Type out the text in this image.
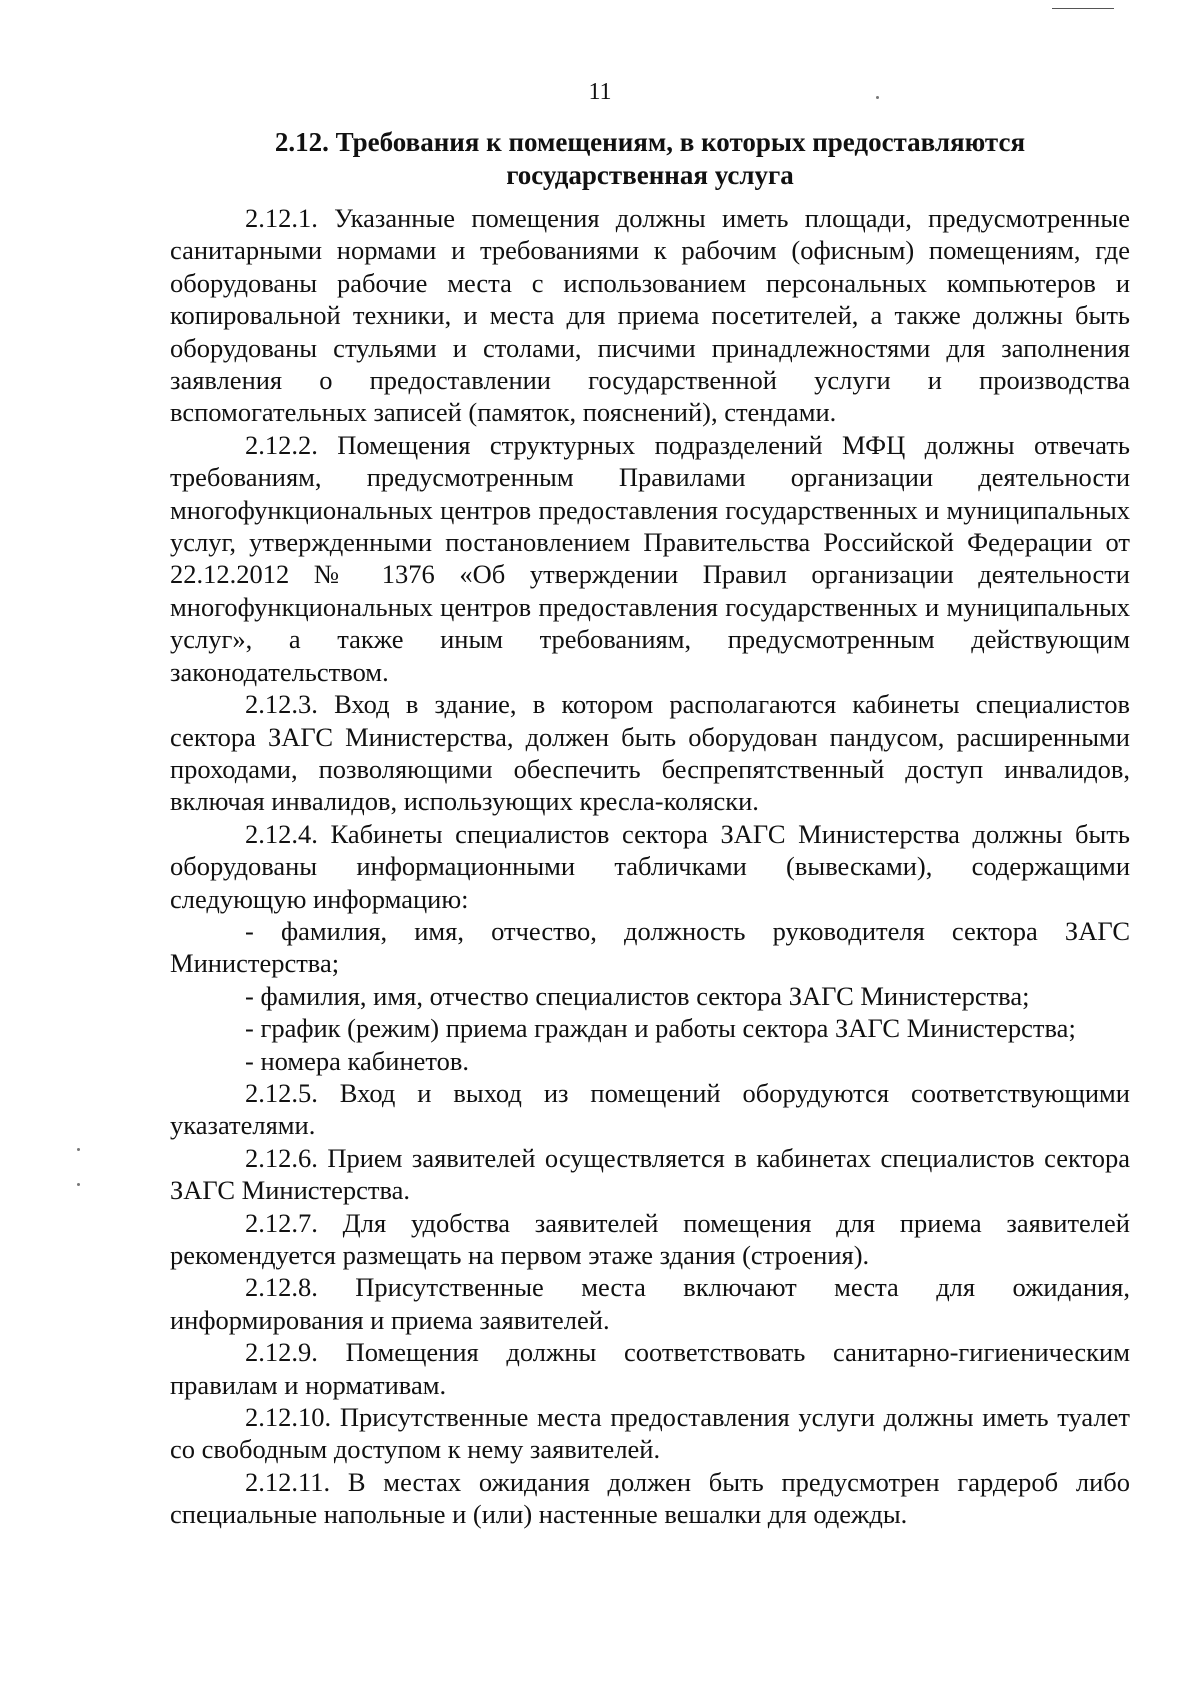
11
2.12. Требования к помещениям, в которых предоставляются
государственная услуга

2.12.1. Указанные помещения должны иметь площади, предусмотренные санитарными нормами и требованиями к рабочим (офисным) помещениям, где оборудованы рабочие места с использованием персональных компьютеров и копировальной техники, и места для приема посетителей, а также должны быть оборудованы стульями и столами, писчими принадлежностями для заполнения заявления о предоставлении государственной услуги и производства вспомогательных записей (памяток, пояснений), стендами.

2.12.2. Помещения структурных подразделений МФЦ должны отвечать требованиям, предусмотренным Правилами организации деятельности многофункциональных центров предоставления государственных и муниципальных услуг, утвержденными постановлением Правительства Российской Федерации от 22.12.2012 № 1376 «Об утверждении Правил организации деятельности многофункциональных центров предоставления государственных и муниципальных услуг», а также иным требованиям, предусмотренным действующим законодательством.

2.12.3. Вход в здание, в котором располагаются кабинеты специалистов сектора ЗАГС Министерства, должен быть оборудован пандусом, расширенными проходами, позволяющими обеспечить беспрепятственный доступ инвалидов, включая инвалидов, использующих кресла-коляски.

2.12.4. Кабинеты специалистов сектора ЗАГС Министерства должны быть оборудованы информационными табличками (вывесками), содержащими следующую информацию:

- фамилия, имя, отчество, должность руководителя сектора ЗАГС Министерства;

- фамилия, имя, отчество специалистов сектора ЗАГС Министерства;

- график (режим) приема граждан и работы сектора ЗАГС Министерства;

- номера кабинетов.

2.12.5. Вход и выход из помещений оборудуются соответствующими указателями.

2.12.6. Прием заявителей осуществляется в кабинетах специалистов сектора ЗАГС Министерства.

2.12.7. Для удобства заявителей помещения для приема заявителей рекомендуется размещать на первом этаже здания (строения).

2.12.8. Присутственные места включают места для ожидания, информирования и приема заявителей.

2.12.9. Помещения должны соответствовать санитарно-гигиеническим правилам и нормативам.

2.12.10. Присутственные места предоставления услуги должны иметь туалет со свободным доступом к нему заявителей.

2.12.11. В местах ожидания должен быть предусмотрен гардероб либо специальные напольные и (или) настенные вешалки для одежды.
